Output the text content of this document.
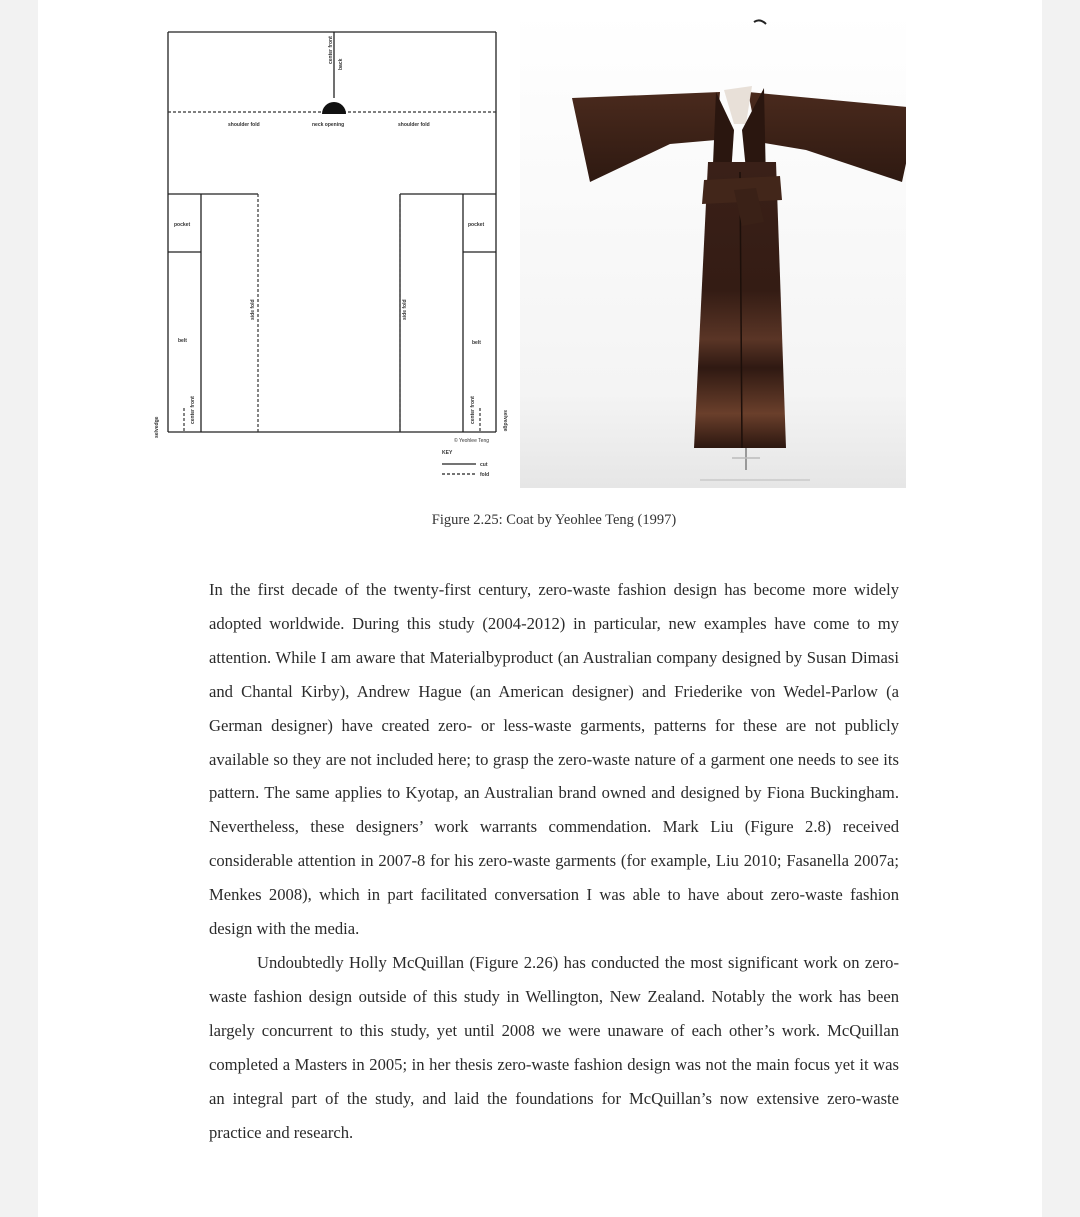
center front
back
shoulder fold	neck opening	shoulder fold
pocket	pocket
belt	belt
side fold	side fold
center front	center front
selvedge	selvedge
© Yeohlee Teng
KEY
cut
fold
Figure 2.25: Coat by Yeohlee Teng (1997)

In the first decade of the twenty-first century, zero-waste fashion design has become more widely adopted worldwide. During this study (2004-2012) in particular, new examples have come to my attention. While I am aware that Materialbyproduct (an Australian company designed by Susan Dimasi and Chantal Kirby), Andrew Hague (an American designer) and Friederike von Wedel-Parlow (a German designer) have created zero- or less-waste garments, patterns for these are not publicly available so they are not included here; to grasp the zero-waste nature of a garment one needs to see its pattern. The same applies to Kyotap, an Australian brand owned and designed by Fiona Buckingham. Nevertheless, these designers’ work warrants commendation. Mark Liu (Figure 2.8) received considerable attention in 2007-8 for his zero-waste garments (for example, Liu 2010; Fasanella 2007a; Menkes 2008), which in part facilitated conversation I was able to have about zero-waste fashion design with the media.

Undoubtedly Holly McQuillan (Figure 2.26) has conducted the most significant work on zero-waste fashion design outside of this study in Wellington, New Zealand. Notably the work has been largely concurrent to this study, yet until 2008 we were unaware of each other’s work. McQuillan completed a Masters in 2005; in her thesis zero-waste fashion design was not the main focus yet it was an integral part of the study, and laid the foundations for McQuillan’s now extensive zero-waste practice and research.
